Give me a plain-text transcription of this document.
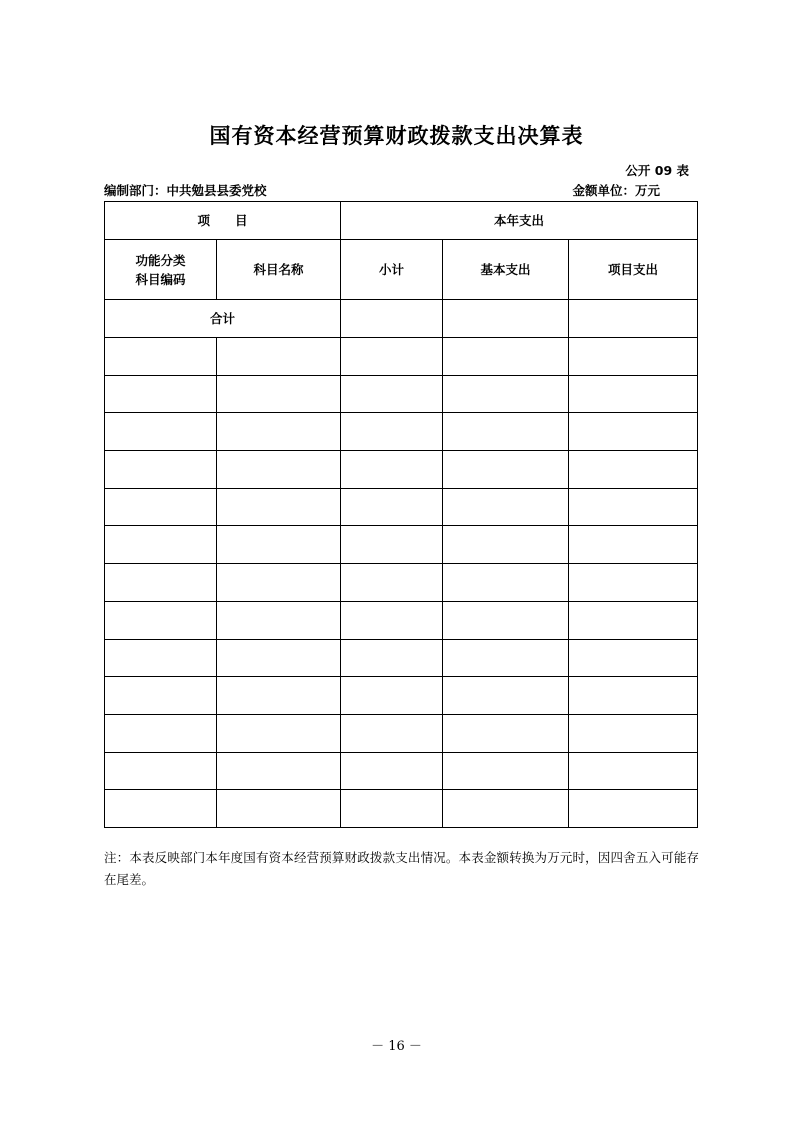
国有资本经营预算财政拨款支出决算表
公开 09 表
编制部门：中共勉县县委党校	金额单位：万元
项　　目		本年支出		
功能分类
科目编码	科目名称	小计	基本支出	项目支出
合计				

注：本表反映部门本年度国有资本经营预算财政拨款支出情况。本表金额转换为万元时，因四舍五入可能存在尾差。
－ 16 －
